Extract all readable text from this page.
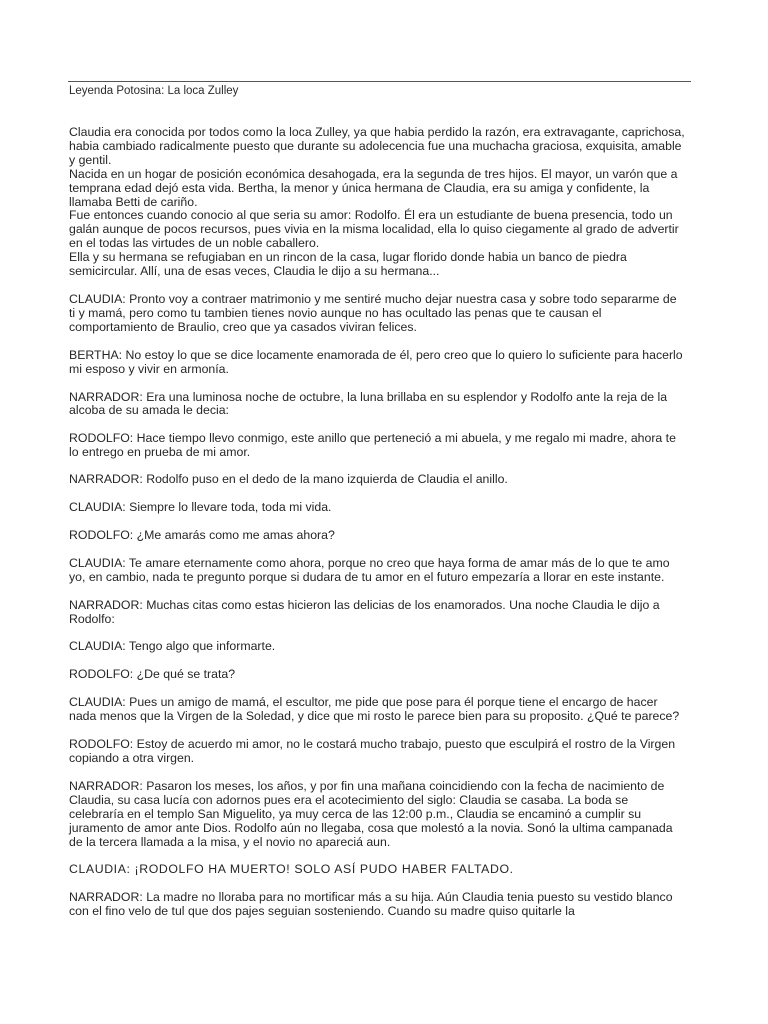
Leyenda Potosina: La loca Zulley

Claudia era conocida por todos como la loca Zulley, ya que habia perdido la razón, era extravagante, caprichosa, habia cambiado radicalmente puesto que durante su adolecencia fue una muchacha graciosa, exquisita, amable y gentil.

Nacida en un hogar de posición económica desahogada, era la segunda de tres hijos. El mayor, un varón que a temprana edad dejó esta vida. Bertha, la menor y única hermana de Claudia, era su amiga y confidente, la llamaba Betti de cariño.

Fue entonces cuando conocio al que seria su amor: Rodolfo. Él era un estudiante de buena presencia, todo un galán aunque de pocos recursos, pues vivia en la misma localidad, ella lo quiso ciegamente al grado de advertir en el todas las virtudes de un noble caballero.

Ella y su hermana se refugiaban en un rincon de la casa, lugar florido donde habia un banco de piedra semicircular. Allí, una de esas veces, Claudia le dijo a su hermana...

CLAUDIA: Pronto voy a contraer matrimonio y me sentiré mucho dejar nuestra casa y sobre todo separarme de ti y mamá, pero como tu tambien tienes novio aunque no has ocultado las penas que te causan el comportamiento de Braulio, creo que ya casados viviran felices.

BERTHA: No estoy lo que se dice locamente enamorada de él, pero creo que lo quiero lo suficiente para hacerlo mi esposo y vivir en armonía.

NARRADOR: Era una luminosa noche de octubre, la luna brillaba en su esplendor y Rodolfo ante la reja de la alcoba de su amada le decia:

RODOLFO: Hace tiempo llevo conmigo, este anillo que perteneció a mi abuela, y me regalo mi madre, ahora te lo entrego en prueba de mi amor.

NARRADOR: Rodolfo puso en el dedo de la mano izquierda de Claudia el anillo.

CLAUDIA: Siempre lo llevare toda, toda mi vida.

RODOLFO: ¿Me amarás como me amas ahora?

CLAUDIA: Te amare eternamente como ahora, porque no creo que haya forma de amar más de lo que te amo yo, en cambio, nada te pregunto porque si dudara de tu amor en el futuro empezaría a llorar en este instante.

NARRADOR: Muchas citas como estas hicieron las delicias de los enamorados. Una noche Claudia le dijo a Rodolfo:

CLAUDIA: Tengo algo que informarte.

RODOLFO: ¿De qué se trata?

CLAUDIA: Pues un amigo de mamá, el escultor, me pide que pose para él porque tiene el encargo de hacer nada menos que la Virgen de la Soledad, y dice que mi rosto le parece bien para su proposito. ¿Qué te parece?

RODOLFO: Estoy de acuerdo mi amor, no le costará mucho trabajo, puesto que esculpirá el rostro de la Virgen copiando a otra virgen.

NARRADOR: Pasaron los meses, los años, y por fin una mañana coincidiendo con la fecha de nacimiento de Claudia, su casa lucía con adornos pues era el acotecimiento del siglo: Claudia se casaba. La boda se celebraría en el templo San Miguelito, ya muy cerca de las 12:00 p.m., Claudia se encaminó a cumplir su juramento de amor ante Dios. Rodolfo aún no llegaba, cosa que molestó a la novia. Sonó la ultima campanada de la tercera llamada a la misa, y el novio no apareciá aun.

CLAUDIA: ¡RODOLFO HA MUERTO! SOLO ASÍ PUDO HABER FALTADO.

NARRADOR: La madre no lloraba para no mortificar más a su hija. Aún Claudia tenia puesto su vestido blanco con el fino velo de tul que dos pajes seguian sosteniendo. Cuando su madre quiso quitarle la
